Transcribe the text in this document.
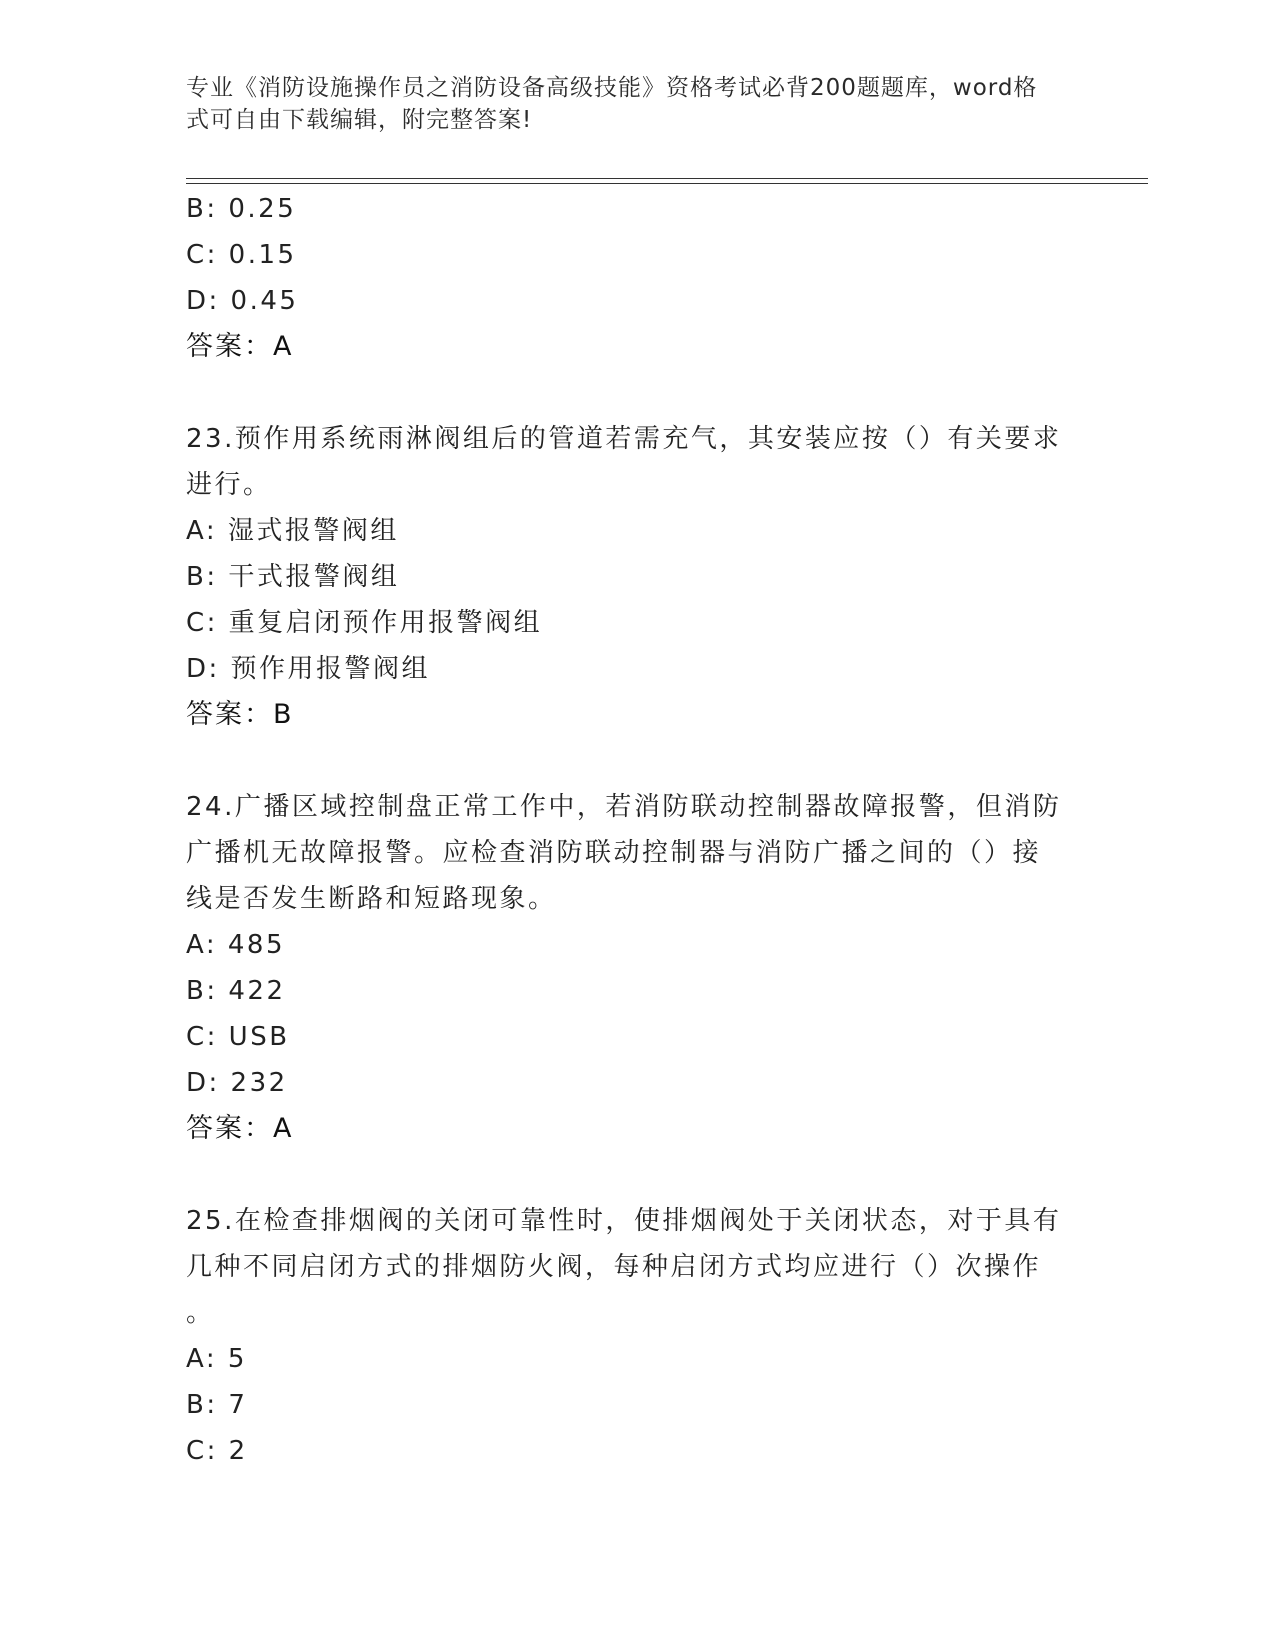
专业《消防设施操作员之消防设备高级技能》资格考试必背200题题库，word格
式可自由下载编辑，附完整答案!
B: 0.25
C: 0.15
D: 0.45
答案：A
23.预作用系统雨淋阀组后的管道若需充气，其安装应按（）有关要求
进行。
A: 湿式报警阀组
B: 干式报警阀组
C: 重复启闭预作用报警阀组
D: 预作用报警阀组
答案：B
24.广播区域控制盘正常工作中，若消防联动控制器故障报警，但消防
广播机无故障报警。应检查消防联动控制器与消防广播之间的（）接
线是否发生断路和短路现象。
A: 485
B: 422
C: USB
D: 232
答案：A
25.在检查排烟阀的关闭可靠性时，使排烟阀处于关闭状态，对于具有
几种不同启闭方式的排烟防火阀，每种启闭方式均应进行（）次操作
。
A: 5
B: 7
C: 2
